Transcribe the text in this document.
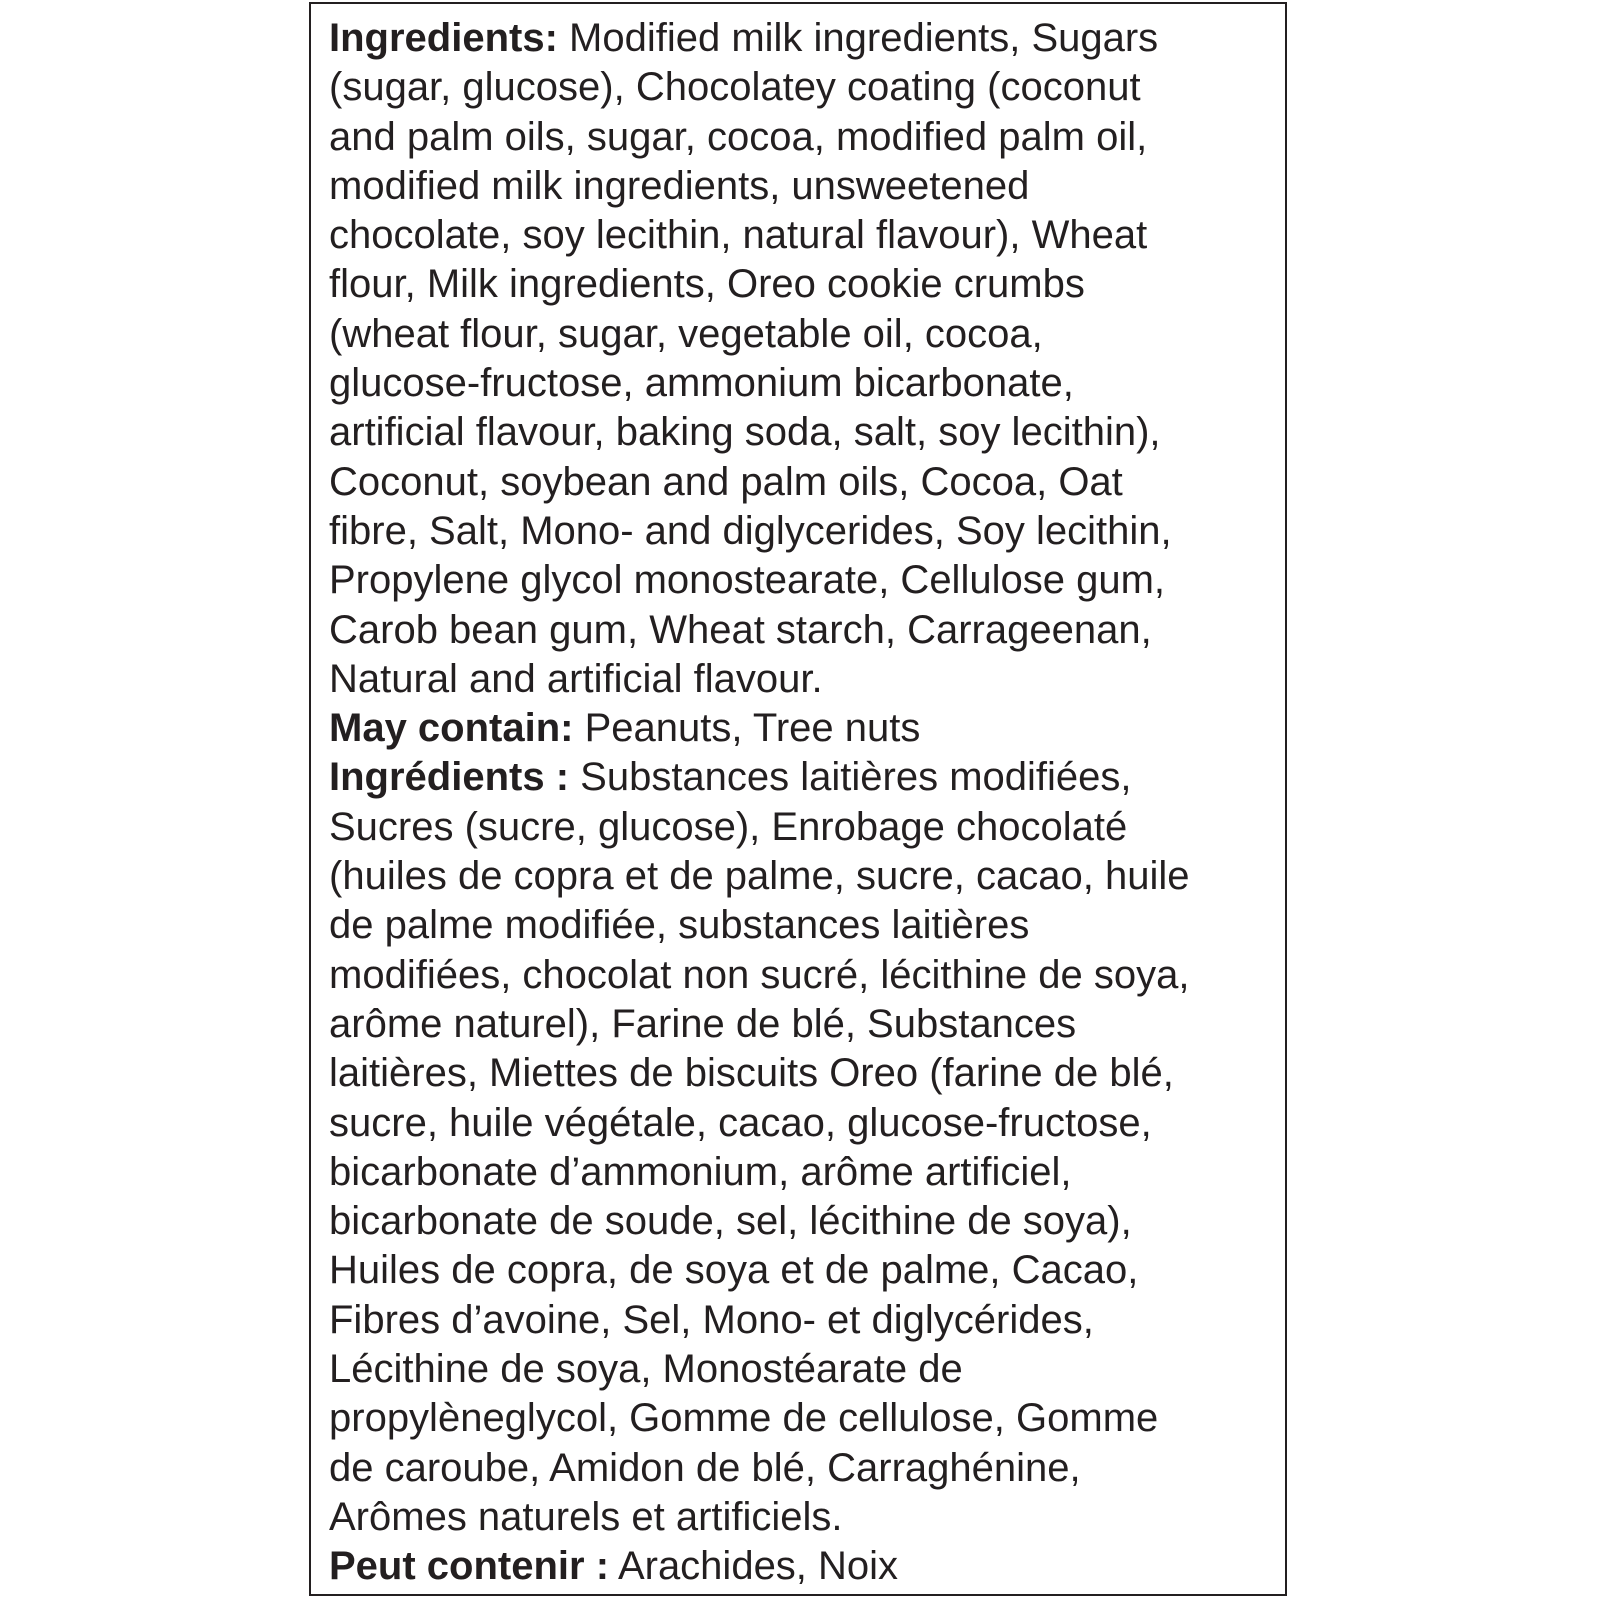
Ingredients: Modified milk ingredients, Sugars
(sugar, glucose), Chocolatey coating (coconut
and palm oils, sugar, cocoa, modified palm oil,
modified milk ingredients, unsweetened
chocolate, soy lecithin, natural flavour), Wheat
flour, Milk ingredients, Oreo cookie crumbs
(wheat flour, sugar, vegetable oil, cocoa,
glucose-fructose, ammonium bicarbonate,
artificial flavour, baking soda, salt, soy lecithin),
Coconut, soybean and palm oils, Cocoa, Oat
fibre, Salt, Mono- and diglycerides, Soy lecithin,
Propylene glycol monostearate, Cellulose gum,
Carob bean gum, Wheat starch, Carrageenan,
Natural and artificial flavour.
May contain: Peanuts, Tree nuts
Ingrédients : Substances laitières modifiées,
Sucres (sucre, glucose), Enrobage chocolaté
(huiles de copra et de palme, sucre, cacao, huile
de palme modifiée, substances laitières
modifiées, chocolat non sucré, lécithine de soya,
arôme naturel), Farine de blé, Substances
laitières, Miettes de biscuits Oreo (farine de blé,
sucre, huile végétale, cacao, glucose-fructose,
bicarbonate d’ammonium, arôme artificiel,
bicarbonate de soude, sel, lécithine de soya),
Huiles de copra, de soya et de palme, Cacao,
Fibres d’avoine, Sel, Mono- et diglycérides,
Lécithine de soya, Monostéarate de
propylèneglycol, Gomme de cellulose, Gomme
de caroube, Amidon de blé, Carraghénine,
Arômes naturels et artificiels.
Peut contenir : Arachides, Noix
